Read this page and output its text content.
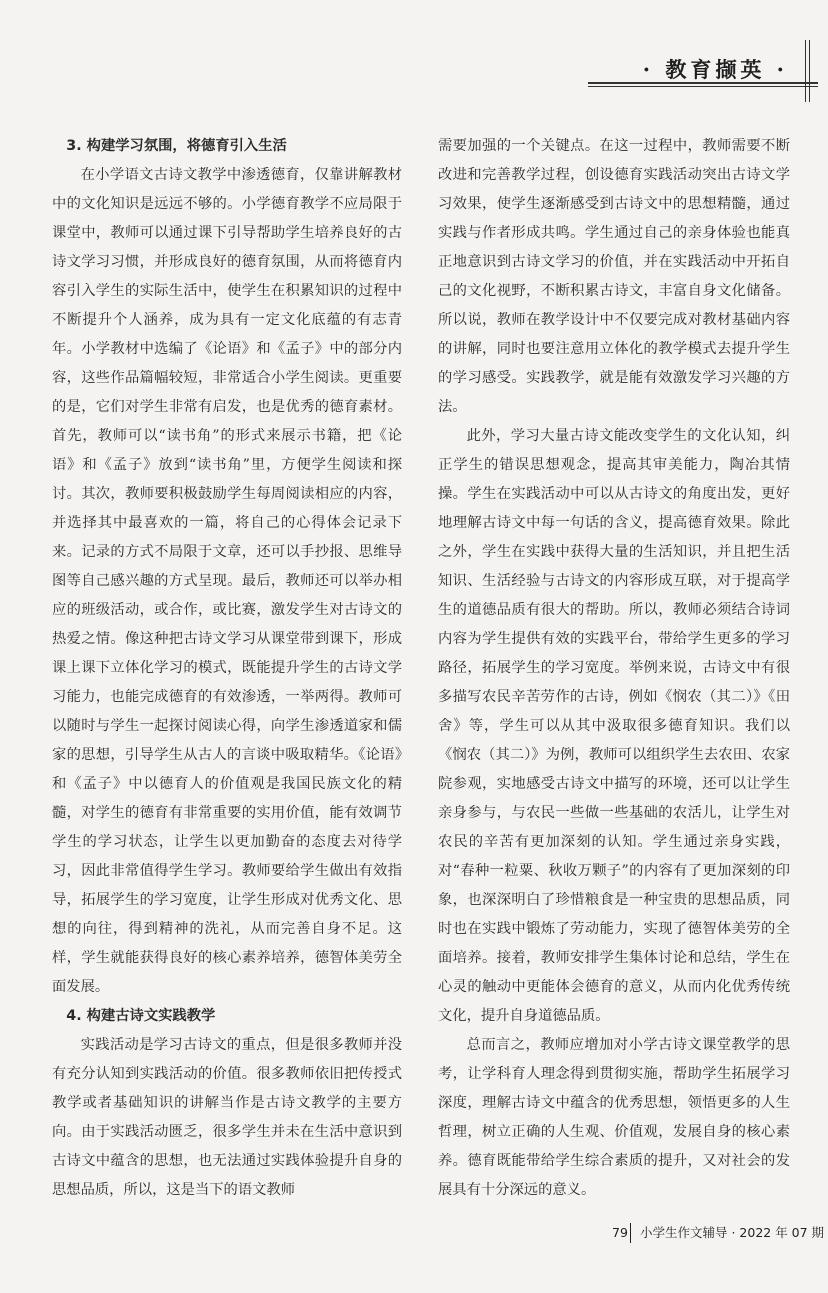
· 教育撷英 ·
3. 构建学习氛围，将德育引入生活

在小学语文古诗文教学中渗透德育，仅靠讲解教材中的文化知识是远远不够的。小学德育教学不应局限于课堂中，教师可以通过课下引导帮助学生培养良好的古诗文学习习惯，并形成良好的德育氛围，从而将德育内容引入学生的实际生活中，使学生在积累知识的过程中不断提升个人涵养，成为具有一定文化底蕴的有志青年。小学教材中选编了《论语》和《孟子》中的部分内容，这些作品篇幅较短，非常适合小学生阅读。更重要的是，它们对学生非常有启发，也是优秀的德育素材。首先，教师可以“读书角”的形式来展示书籍，把《论语》和《孟子》放到“读书角”里，方便学生阅读和探讨。其次，教师要积极鼓励学生每周阅读相应的内容，并选择其中最喜欢的一篇，将自己的心得体会记录下来。记录的方式不局限于文章，还可以手抄报、思维导图等自己感兴趣的方式呈现。最后，教师还可以举办相应的班级活动，或合作，或比赛，激发学生对古诗文的热爱之情。像这种把古诗文学习从课堂带到课下，形成课上课下立体化学习的模式，既能提升学生的古诗文学习能力，也能完成德育的有效渗透，一举两得。教师可以随时与学生一起探讨阅读心得，向学生渗透道家和儒家的思想，引导学生从古人的言谈中吸取精华。《论语》和《孟子》中以德育人的价值观是我国民族文化的精髓，对学生的德育有非常重要的实用价值，能有效调节学生的学习状态，让学生以更加勤奋的态度去对待学习，因此非常值得学生学习。教师要给学生做出有效指导，拓展学生的学习宽度，让学生形成对优秀文化、思想的向往，得到精神的洗礼，从而完善自身不足。这样，学生就能获得良好的核心素养培养，德智体美劳全面发展。

4. 构建古诗文实践教学

实践活动是学习古诗文的重点，但是很多教师并没有充分认知到实践活动的价值。很多教师依旧把传授式教学或者基础知识的讲解当作是古诗文教学的主要方向。由于实践活动匮乏，很多学生并未在生活中意识到古诗文中蕴含的思想，也无法通过实践体验提升自身的思想品质，所以，这是当下的语文教师

需要加强的一个关键点。在这一过程中，教师需要不断改进和完善教学过程，创设德育实践活动突出古诗文学习效果，使学生逐渐感受到古诗文中的思想精髓，通过实践与作者形成共鸣。学生通过自己的亲身体验也能真正地意识到古诗文学习的价值，并在实践活动中开拓自己的文化视野，不断积累古诗文，丰富自身文化储备。所以说，教师在教学设计中不仅要完成对教材基础内容的讲解，同时也要注意用立体化的教学模式去提升学生的学习感受。实践教学，就是能有效激发学习兴趣的方法。

此外，学习大量古诗文能改变学生的文化认知，纠正学生的错误思想观念，提高其审美能力，陶冶其情操。学生在实践活动中可以从古诗文的角度出发，更好地理解古诗文中每一句话的含义，提高德育效果。除此之外，学生在实践中获得大量的生活知识，并且把生活知识、生活经验与古诗文的内容形成互联，对于提高学生的道德品质有很大的帮助。所以，教师必须结合诗词内容为学生提供有效的实践平台，带给学生更多的学习路径，拓展学生的学习宽度。举例来说，古诗文中有很多描写农民辛苦劳作的古诗，例如《悯农（其二）》《田舍》等，学生可以从其中汲取很多德育知识。我们以《悯农（其二）》为例，教师可以组织学生去农田、农家院参观，实地感受古诗文中描写的环境，还可以让学生亲身参与，与农民一些做一些基础的农活儿，让学生对农民的辛苦有更加深刻的认知。学生通过亲身实践，对“春种一粒粟、秋收万颗子”的内容有了更加深刻的印象，也深深明白了珍惜粮食是一种宝贵的思想品质，同时也在实践中锻炼了劳动能力，实现了德智体美劳的全面培养。接着，教师安排学生集体讨论和总结，学生在心灵的触动中更能体会德育的意义，从而内化优秀传统文化，提升自身道德品质。

总而言之，教师应增加对小学古诗文课堂教学的思考，让学科育人理念得到贯彻实施，帮助学生拓展学习深度，理解古诗文中蕴含的优秀思想，领悟更多的人生哲理，树立正确的人生观、价值观，发展自身的核心素养。德育既能带给学生综合素质的提升，又对社会的发展具有十分深远的意义。

79 小学生作文辅导 · 2022 年 07 期
